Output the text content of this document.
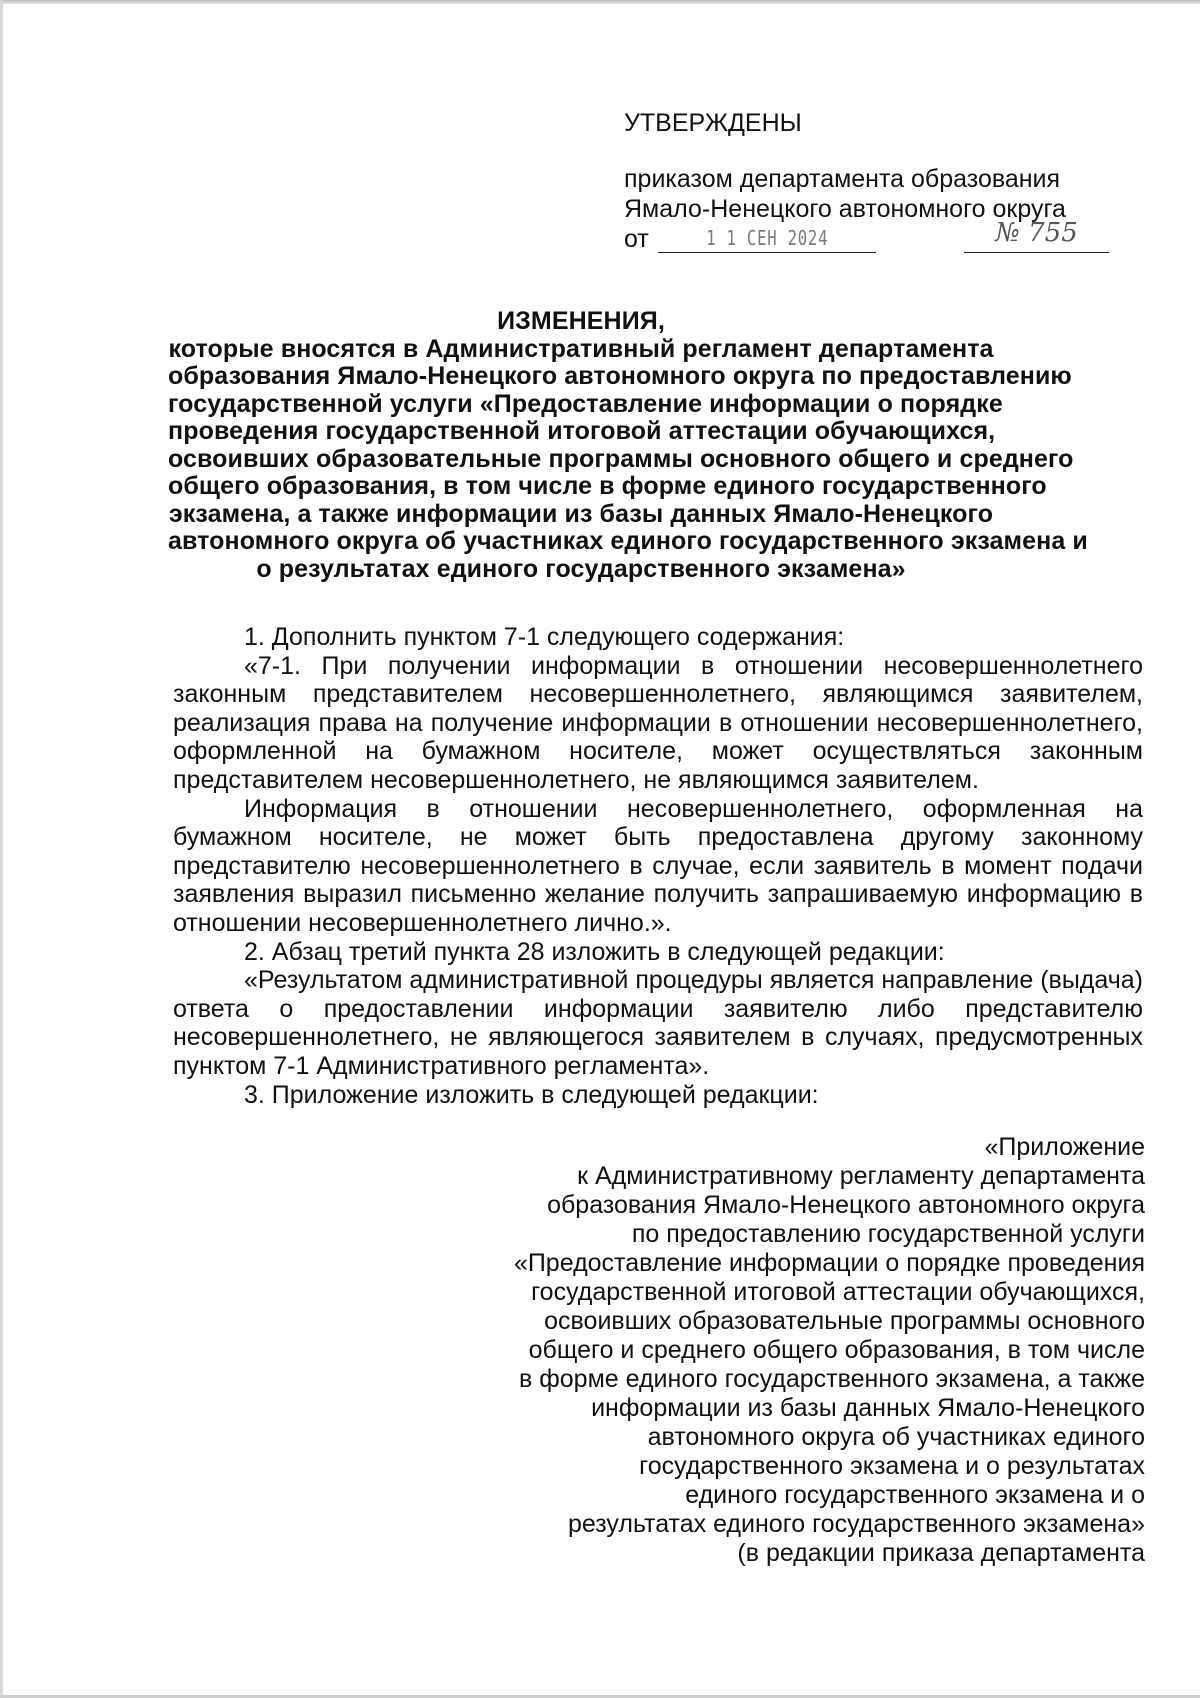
УТВЕРЖДЕНЫ
приказом департамента образования
Ямало-Ненецкого автономного округа
от	1 1 СЕН 2024	№ 755
ИЗМЕНЕНИЯ,
которые вносятся в Административный регламент департамента
образования Ямало-Ненецкого автономного округа по предоставлению
государственной услуги «Предоставление информации о порядке
проведения государственной итоговой аттестации обучающихся,
освоивших образовательные программы основного общего и среднего
общего образования, в том числе в форме единого государственного
экзамена, а также информации из базы данных Ямало-Ненецкого
автономного округа об участниках единого государственного экзамена и
о результатах единого государственного экзамена»

1. Дополнить пунктом 7-1 следующего содержания:

«7-1. При получении информации в отношении несовершеннолетнего законным представителем несовершеннолетнего, являющимся заявителем, реализация права на получение информации в отношении несовершеннолетнего, оформленной на бумажном носителе, может осуществляться законным представителем несовершеннолетнего, не являющимся заявителем.

Информация в отношении несовершеннолетнего, оформленная на бумажном носителе, не может быть предоставлена другому законному представителю несовершеннолетнего в случае, если заявитель в момент подачи заявления выразил письменно желание получить запрашиваемую информацию в отношении несовершеннолетнего лично.».

2. Абзац третий пункта 28 изложить в следующей редакции:

«Результатом административной процедуры является направление (выдача) ответа о предоставлении информации заявителю либо представителю несовершеннолетнего, не являющегося заявителем в случаях, предусмотренных пунктом 7-1 Административного регламента».

3. Приложение изложить в следующей редакции:

«Приложение
к Административному регламенту департамента
образования Ямало-Ненецкого автономного округа
по предоставлению государственной услуги
«Предоставление информации о порядке проведения
государственной итоговой аттестации обучающихся,
освоивших образовательные программы основного
общего и среднего общего образования, в том числе
в форме единого государственного экзамена, а также
информации из базы данных Ямало-Ненецкого
автономного округа об участниках единого
государственного экзамена и о результатах
единого государственного экзамена и о
результатах единого государственного экзамена»
(в редакции приказа департамента
